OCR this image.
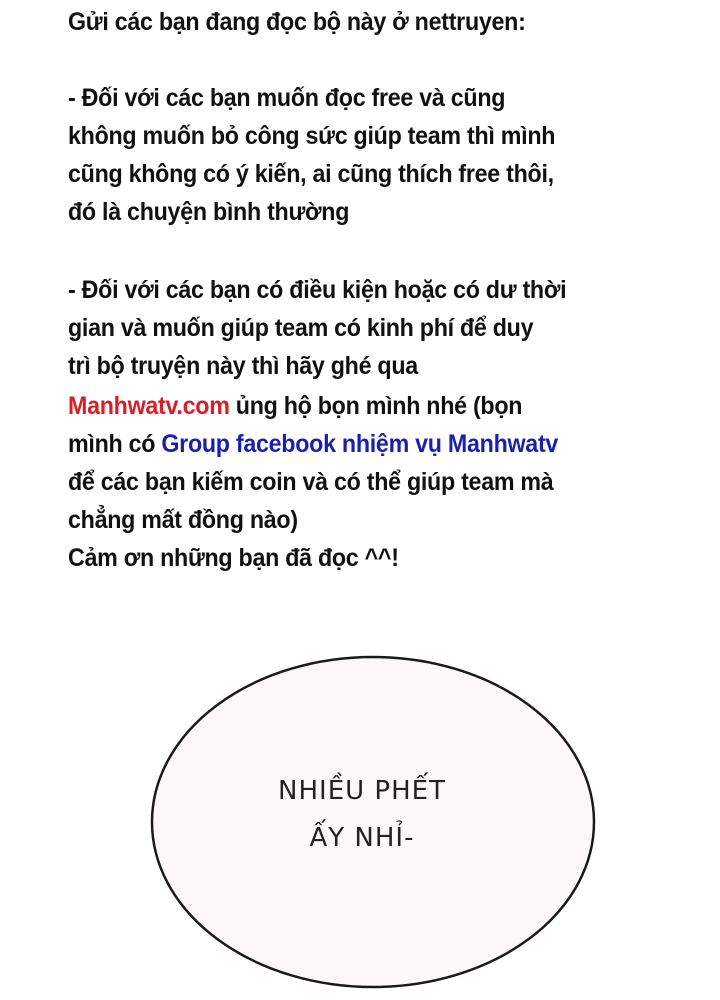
Gửi các bạn đang đọc bộ này ở nettruyen:
- Đối với các bạn muốn đọc free và cũng
không muốn bỏ công sức giúp team thì mình
cũng không có ý kiến, ai cũng thích free thôi,
đó là chuyện bình thường
- Đối với các bạn có điều kiện hoặc có dư thời
gian và muốn giúp team có kinh phí để duy
trì bộ truyện này thì hãy ghé qua
Manhwatv.com ủng hộ bọn mình nhé (bọn
mình có Group facebook nhiệm vụ Manhwatv
để các bạn kiếm coin và có thể giúp team mà
chẳng mất đồng nào)
Cảm ơn những bạn đã đọc ^^!
NHIỀU PHẾT
ẤY NHỈ-
